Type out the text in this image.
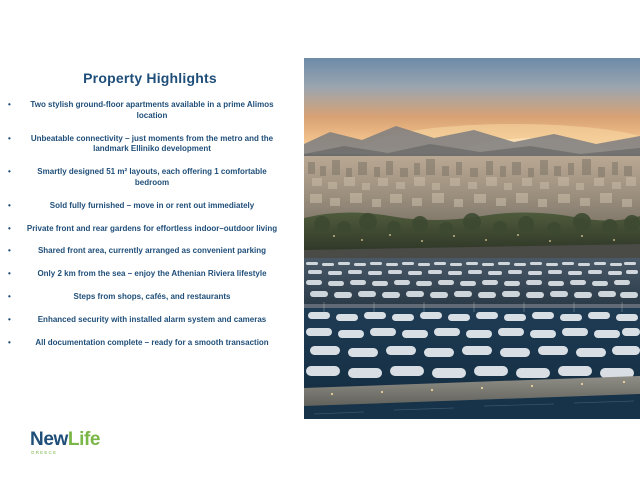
Property Highlights
• Two stylish ground-floor apartments available in a prime Alimos location
•	Unbeatable connectivity – just moments from the metro and the landmark Elliniko development
•	Smartly designed 51 m² layouts, each offering 1 comfortable bedroom
•	Sold fully furnished – move in or rent out immediately
• Private front and rear gardens for effortless indoor–outdoor living
•	Shared front area, currently arranged as convenient parking
•	Only 2 km from the sea – enjoy the Athenian Riviera lifestyle
•	Steps from shops, cafés, and restaurants
•	Enhanced security with installed alarm system and cameras
•	All documentation complete – ready for a smooth transaction
NewLife
GREECE
